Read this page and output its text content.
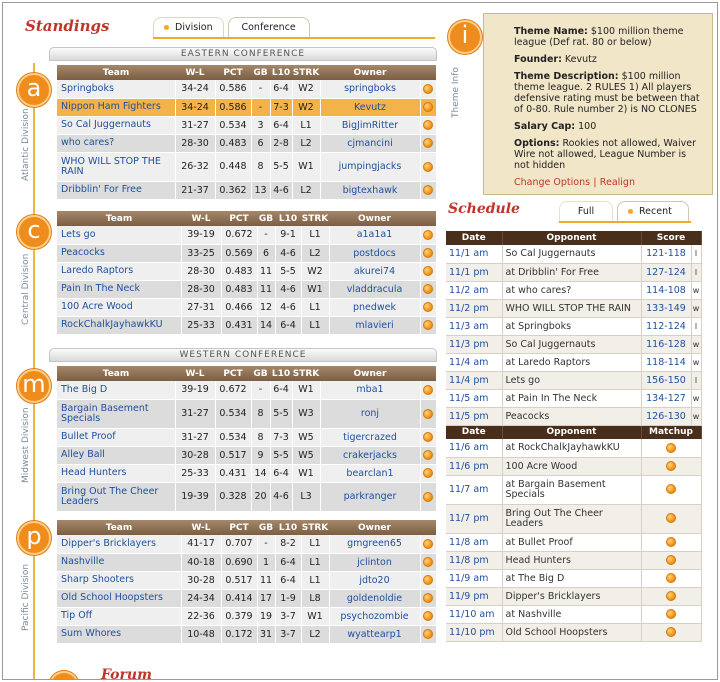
Standings	Division	Conference
EASTERN CONFERENCE
a
Atlantic Division
Team	W-L	PCT	GB	L10	STRK	Owner	
Springboks	34-24	0.586	-	6-4	W2	springboks	
Nippon Ham Fighters	34-24	0.586	-	7-3	W2	Kevutz	
So Cal Juggernauts	31-27	0.534	3	6-4	L1	BigJimRitter	
who cares?	28-30	0.483	6	2-8	L2	cjmancini	
WHO WILL STOP THE RAIN	26-32	0.448	8	5-5	W1	jumpingjacks	
Dribblin' For Free	21-37	0.362	13	4-6	L2	bigtexhawk	
c
Central Division
Team	W-L	PCT	GB	L10	STRK	Owner	
Lets go	39-19	0.672	-	9-1	L1	a1a1a1	
Peacocks	33-25	0.569	6	4-6	L2	postdocs	
Laredo Raptors	28-30	0.483	11	5-5	W2	akurei74	
Pain In The Neck	28-30	0.483	11	4-6	W1	vladdracula	
100 Acre Wood	27-31	0.466	12	4-6	L1	pnedwek	
RockChalkJayhawkKU	25-33	0.431	14	6-4	L1	mlavieri	
WESTERN CONFERENCE
m
Midwest Division
Team	W-L	PCT	GB	L10	STRK	Owner	
The Big D	39-19	0.672	-	6-4	W1	mba1	
Bargain Basement Specials	31-27	0.534	8	5-5	W3	ronj	
Bullet Proof	31-27	0.534	8	7-3	W5	tigercrazed	
Alley Ball	30-28	0.517	9	5-5	W5	crakerjacks	
Head Hunters	25-33	0.431	14	6-4	W1	bearclan1	
Bring Out The Cheer Leaders	19-39	0.328	20	4-6	L3	parkranger	
p
Pacific Division
Team	W-L	PCT	GB	L10	STRK	Owner	
Dipper's Bricklayers	41-17	0.707	-	8-2	L1	gmgreen65	
Nashville	40-18	0.690	1	6-4	L1	jclinton	
Sharp Shooters	30-28	0.517	11	6-4	L1	jdto20	
Old School Hoopsters	24-34	0.414	17	1-9	L8	goldenoldie	
Tip Off	22-36	0.379	19	3-7	W1	psychozombie	
Sum Whores	10-48	0.172	31	3-7	L2	wyattearp1	
i
Theme Info

Theme Name: $100 million theme league (Def rat. 80 or below)

Founder: Kevutz

Theme Description: $100 million theme league. 2 RULES 1) All players defensive rating must be between that of 0-80. Rule number 2) is NO CLONES

Salary Cap: 100

Options: Rookies not allowed, Waiver Wire not allowed, League Number is not hidden

Change Options | Realign
Schedule	Full	Recent
Date	Opponent	Score	
11/1 am	So Cal Juggernauts	121-118	l
11/1 pm	at Dribblin' For Free	127-124	l
11/2 am	at who cares?	114-108	w
11/2 pm	WHO WILL STOP THE RAIN	133-149	w
11/3 am	at Springboks	112-124	l
11/3 pm	So Cal Juggernauts	116-128	w
11/4 am	at Laredo Raptors	118-114	w
11/4 pm	Lets go	156-150	l
11/5 am	at Pain In The Neck	134-127	w
11/5 pm	Peacocks	126-130	w
Date	Opponent	Matchup	
11/6 am	at RockChalkJayhawkKU		
11/6 pm	100 Acre Wood		
11/7 am	at Bargain Basement Specials		
11/7 pm	Bring Out The Cheer Leaders		
11/8 am	at Bullet Proof		
11/8 pm	Head Hunters		
11/9 am	at The Big D		
11/9 pm	Dipper's Bricklayers		
11/10 am	at Nashville		
11/10 pm	Old School Hoopsters		
Forum
